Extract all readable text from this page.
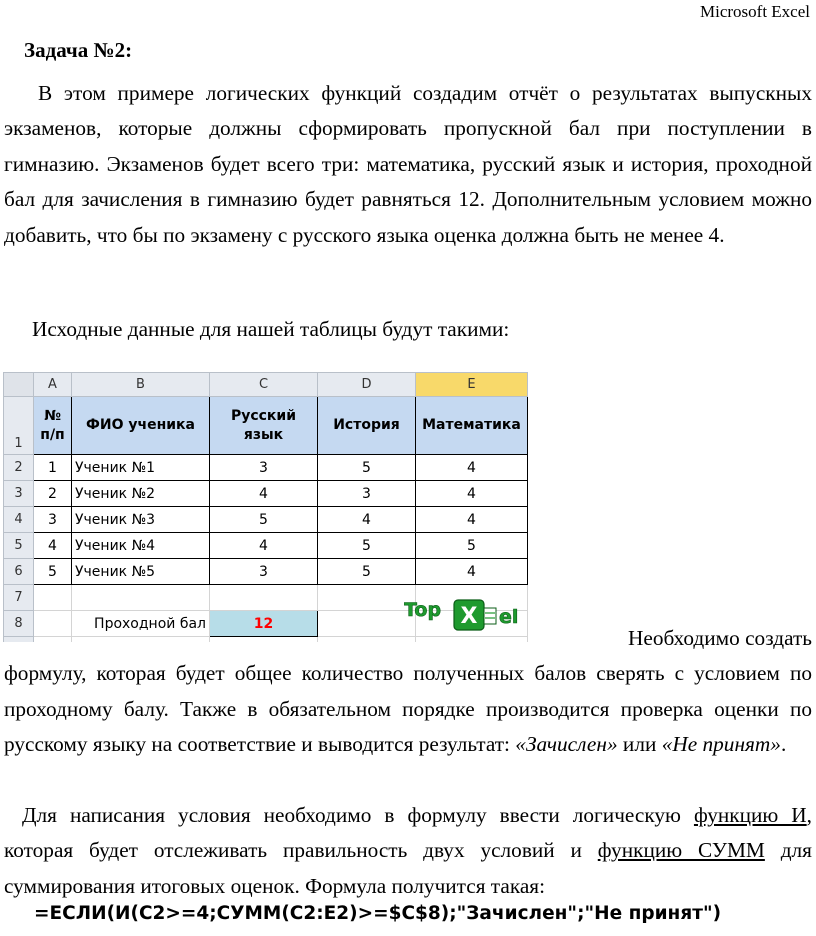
Microsoft Excel
Задача №2:

В этом примере логических функций создадим отчёт о результатах выпускных экзаменов, которые должны сформировать пропускной бал при поступлении в гимназию. Экзаменов будет всего три: математика, русский язык и история, проходной бал для зачисления в гимназию будет равняться 12. Дополнительным условием можно добавить, что бы по экзамену с русского языка оценка должна быть не менее 4.

Исходные данные для нашей таблицы будут такими:

	A	B	C	D	E
1	№ п/п	ФИО ученика	Русский язык	История	Математика
2	1	Ученик №1	3	5	4
3	2	Ученик №2	4	3	4
4	3	Ученик №3	5	4	4
5	4	Ученик №4	4	5	5
6	5	Ученик №5	3	5	4
7					
8		Проходной бал	12		

Top X el

Необходимо создать
формулу, которая будет общее количество полученных балов сверять с условием по проходному балу. Также в обязательном порядке производится проверка оценки по русскому языку на соответствие и выводится результат: «Зачислен» или «Не принят».

Для написания условия необходимо в формулу ввести логическую функцию И, которая будет отслеживать правильность двух условий и функцию СУММ для суммирования итоговых оценок. Формула получится такая:

=ЕСЛИ(И(C2>=4;СУММ(C2:E2)>=$C$8);"Зачислен";"Не принят")
